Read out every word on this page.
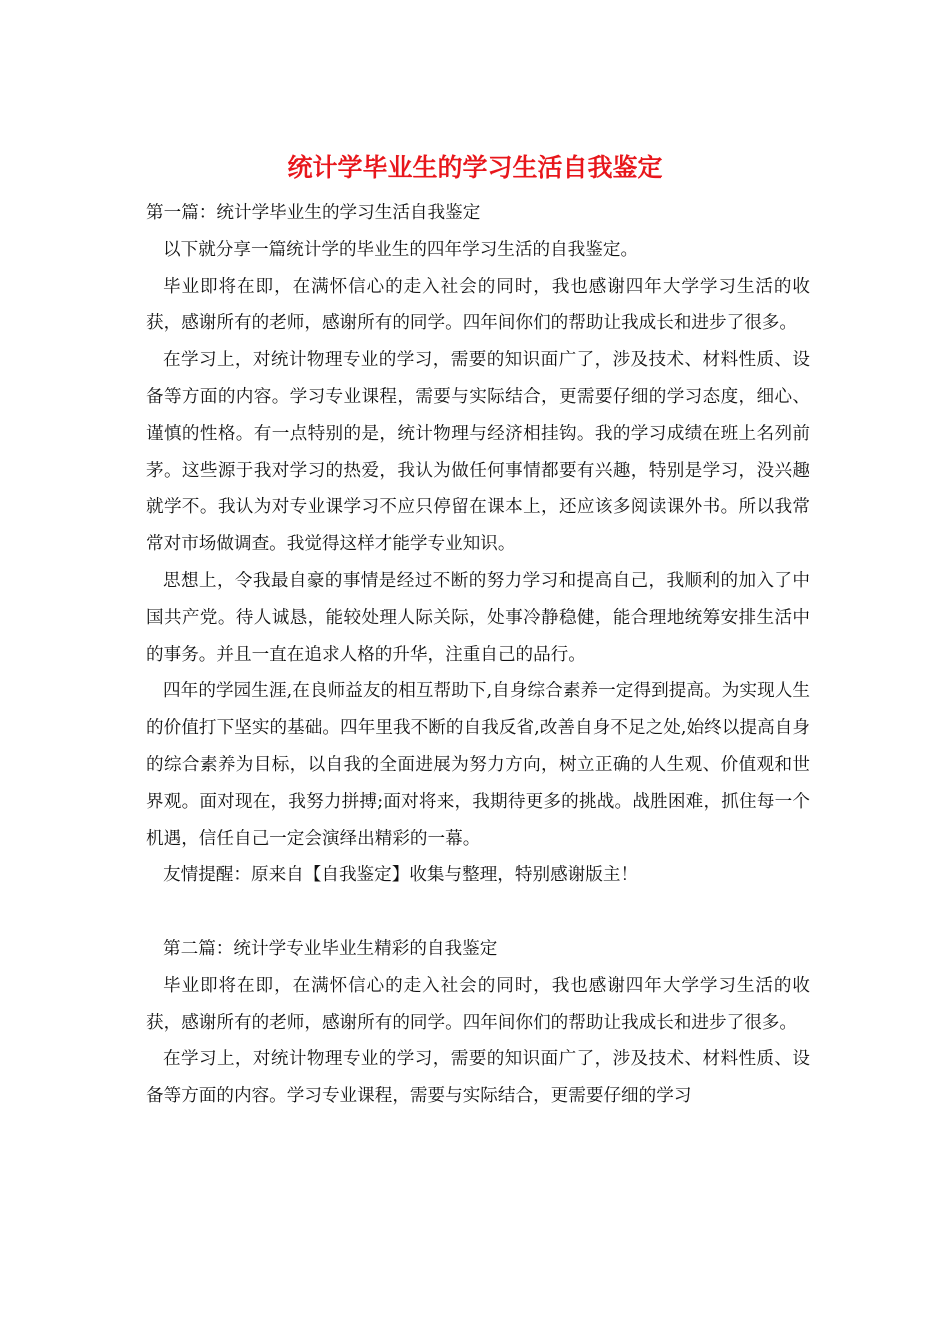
统计学毕业生的学习生活自我鉴定

第一篇：统计学毕业生的学习生活自我鉴定

以下就分享一篇统计学的毕业生的四年学习生活的自我鉴定。

毕业即将在即，在满怀信心的走入社会的同时，我也感谢四年大学学习生活的收获，感谢所有的老师，感谢所有的同学。四年间你们的帮助让我成长和进步了很多。

在学习上，对统计物理专业的学习，需要的知识面广了，涉及技术、材料性质、设备等方面的内容。学习专业课程，需要与实际结合，更需要仔细的学习态度，细心、谨慎的性格。有一点特别的是，统计物理与经济相挂钩。我的学习成绩在班上名列前茅。这些源于我对学习的热爱，我认为做任何事情都要有兴趣，特别是学习，没兴趣就学不。我认为对专业课学习不应只停留在课本上，还应该多阅读课外书。所以我常常对市场做调查。我觉得这样才能学专业知识。

思想上，令我最自豪的事情是经过不断的努力学习和提高自己，我顺利的加入了中国共产党。待人诚恳，能较处理人际关际，处事冷静稳健，能合理地统筹安排生活中的事务。并且一直在追求人格的升华，注重自己的品行。

四年的学园生涯,在良师益友的相互帮助下,自身综合素养一定得到提高。为实现人生的价值打下坚实的基础。四年里我不断的自我反省,改善自身不足之处,始终以提高自身的综合素养为目标，以自我的全面进展为努力方向，树立正确的人生观、价值观和世界观。面对现在，我努力拼搏;面对将来，我期待更多的挑战。战胜困难，抓住每一个机遇，信任自己一定会演绎出精彩的一幕。

友情提醒：原来自【自我鉴定】收集与整理，特别感谢版主！

第二篇：统计学专业毕业生精彩的自我鉴定

毕业即将在即，在满怀信心的走入社会的同时，我也感谢四年大学学习生活的收获，感谢所有的老师，感谢所有的同学。四年间你们的帮助让我成长和进步了很多。

在学习上，对统计物理专业的学习，需要的知识面广了，涉及技术、材料性质、设备等方面的内容。学习专业课程，需要与实际结合，更需要仔细的学习
